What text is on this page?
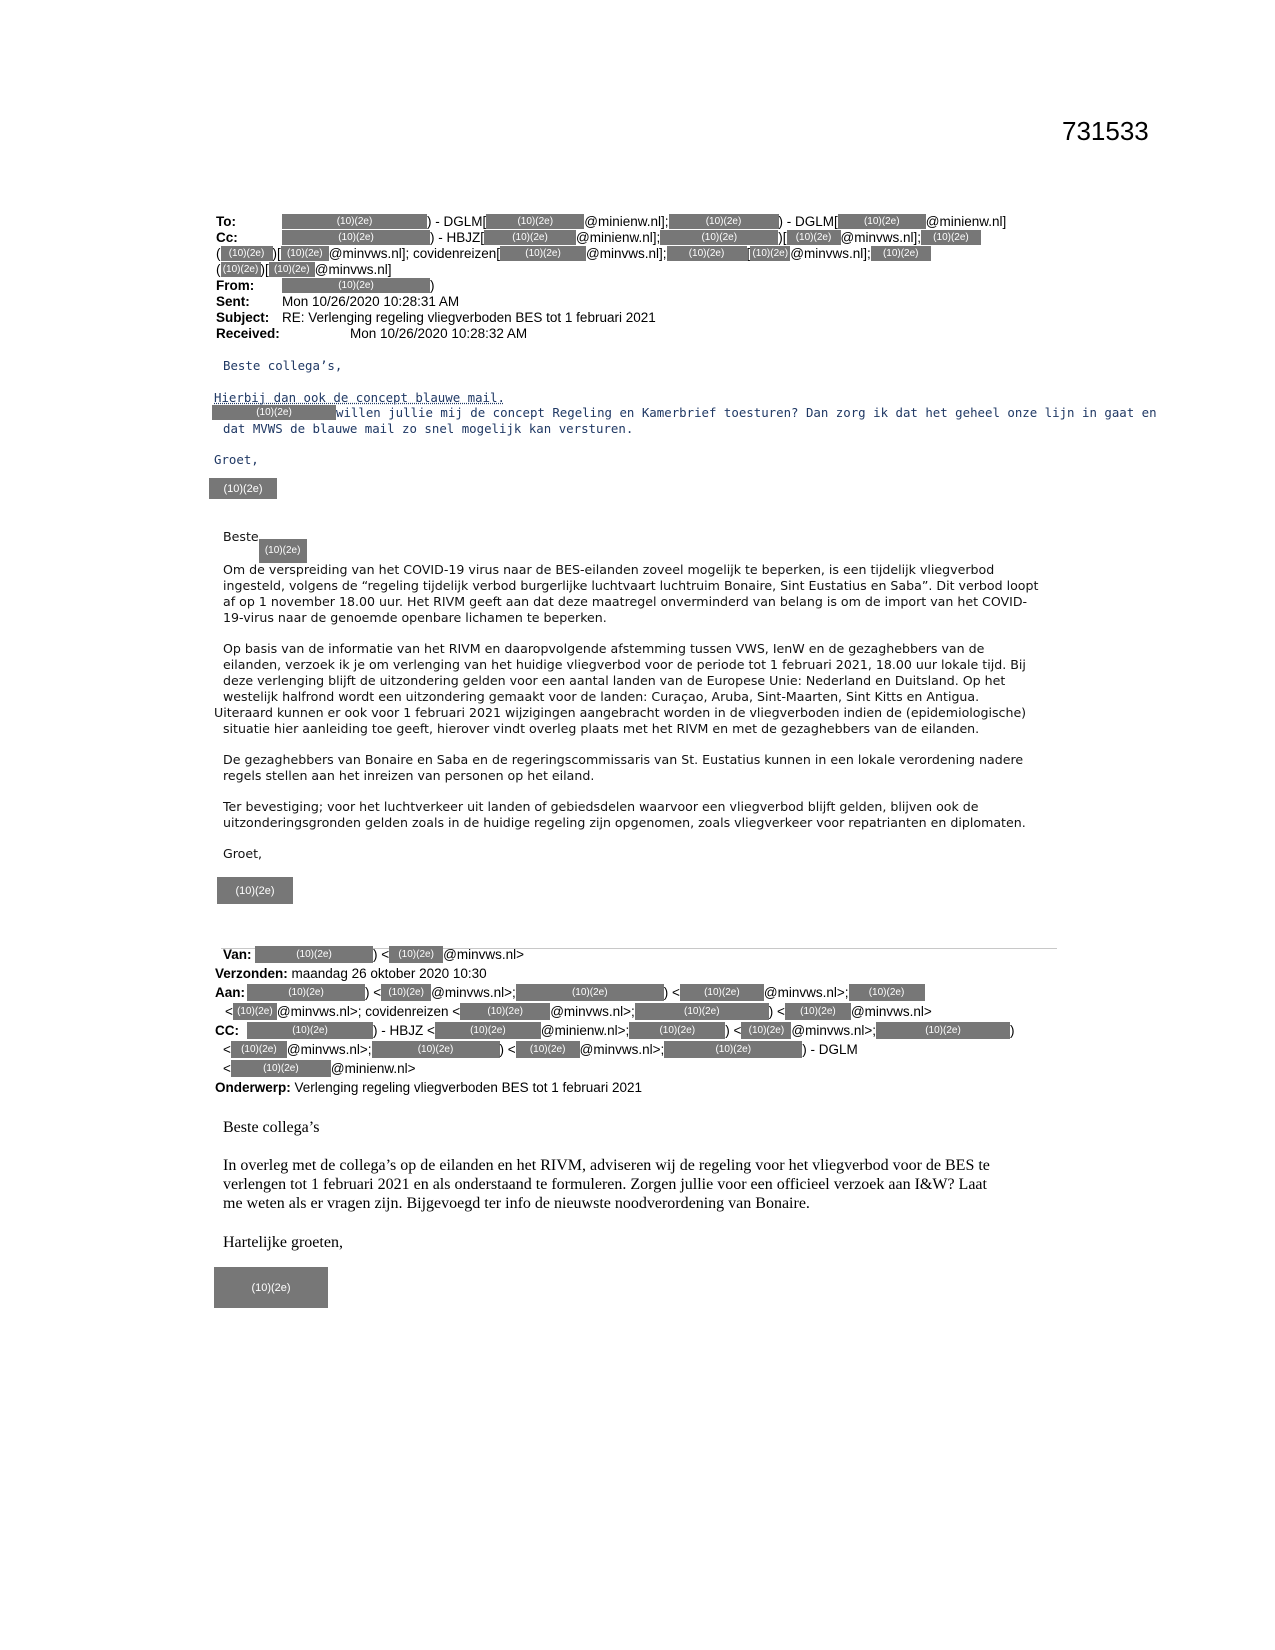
731533
To:	(10)(2e)	) - DGLM[	(10)(2e) @minienw.nl];	(10)(2e)	) - DGLM[	(10)(2e) @minienw.nl]
Cc:	(10)(2e)	) - HBJZ[	(10)(2e) @minienw.nl];	(10)(2e)	)[ (10)(2e) @minvws.nl]; (10)(2e)
( (10)(2e) )[ (10)(2e) @minvws.nl]; covidenreizen[	(10)(2e) @minvws.nl]; (10)(2e) [ (10)(2e) @minvws.nl]; (10)(2e)
( (10)(2e) )[ (10)(2e) @minvws.nl]
From:	(10)(2e)	)
Sent: Mon 10/26/2020 10:28:31 AM
Subject: RE: Verlenging regeling vliegverboden BES tot 1 februari 2021
Received:	Mon 10/26/2020 10:28:32 AM
Beste collega’s,
Hierbij dan ook de concept blauwe mail.
(10)(2e)	willen jullie mij de concept Regeling en Kamerbrief toesturen? Dan zorg ik dat het geheel onze lijn in gaat en
dat MVWS de blauwe mail zo snel mogelijk kan versturen.
Groet,
(10)(2e)
Beste(10)(2e)
Om de verspreiding van het COVID-19 virus naar de BES-eilanden zoveel mogelijk te beperken, is een tijdelijk vliegverbod
ingesteld, volgens de “regeling tijdelijk verbod burgerlijke luchtvaart luchtruim Bonaire, Sint Eustatius en Saba”. Dit verbod loopt
af op 1 november 18.00 uur. Het RIVM geeft aan dat deze maatregel onverminderd van belang is om de import van het COVID-
19-virus naar de genoemde openbare lichamen te beperken.
Op basis van de informatie van het RIVM en daaropvolgende afstemming tussen VWS, IenW en de gezaghebbers van de
eilanden, verzoek ik je om verlenging van het huidige vliegverbod voor de periode tot 1 februari 2021, 18.00 uur lokale tijd. Bij
deze verlenging blijft de uitzondering gelden voor een aantal landen van de Europese Unie: Nederland en Duitsland. Op het
westelijk halfrond wordt een uitzondering gemaakt voor de landen: Curaçao, Aruba, Sint-Maarten, Sint Kitts en Antigua.
Uiteraard kunnen er ook voor 1 februari 2021 wijzigingen aangebracht worden in de vliegverboden indien de (epidemiologische)
situatie hier aanleiding toe geeft, hierover vindt overleg plaats met het RIVM en met de gezaghebbers van de eilanden.
De gezaghebbers van Bonaire en Saba en de regeringscommissaris van St. Eustatius kunnen in een lokale verordening nadere
regels stellen aan het inreizen van personen op het eiland.
Ter bevestiging; voor het luchtverkeer uit landen of gebiedsdelen waarvoor een vliegverbod blijft gelden, blijven ook de
uitzonderingsgronden gelden zoals in de huidige regeling zijn opgenomen, zoals vliegverkeer voor repatrianten en diplomaten.
Groet,
(10)(2e)
Van:	(10)(2e)	) < (10)(2e) @minvws.nl>
Verzonden: maandag 26 oktober 2020 10:30
Aan:	(10)(2e)	) < (10)(2e) @minvws.nl>;	(10)(2e)	) < (10)(2e) @minvws.nl>; (10)(2e)
< (10)(2e) @minvws.nl>; covidenreizen <	(10)(2e) @minvws.nl>;	(10)(2e)	) < (10)(2e) @minvws.nl>
CC:	(10)(2e)	) - HBJZ <	(10)(2e)	@minienw.nl>;	(10)(2e) ) < (10)(2e) @minvws.nl>;	(10)(2e)	)
< (10)(2e) @minvws.nl>;	(10)(2e)	) < (10)(2e) @minvws.nl>;	(10)(2e)	) - DGLM
<	(10)(2e) @minienw.nl>
Onderwerp: Verlenging regeling vliegverboden BES tot 1 februari 2021
Beste collega’s
In overleg met de collega’s op de eilanden en het RIVM, adviseren wij de regeling voor het vliegverbod voor de BES te
verlengen tot 1 februari 2021 en als onderstaand te formuleren. Zorgen jullie voor een officieel verzoek aan I&W? Laat
me weten als er vragen zijn. Bijgevoegd ter info de nieuwste noodverordening van Bonaire.
Hartelijke groeten,
(10)(2e)
